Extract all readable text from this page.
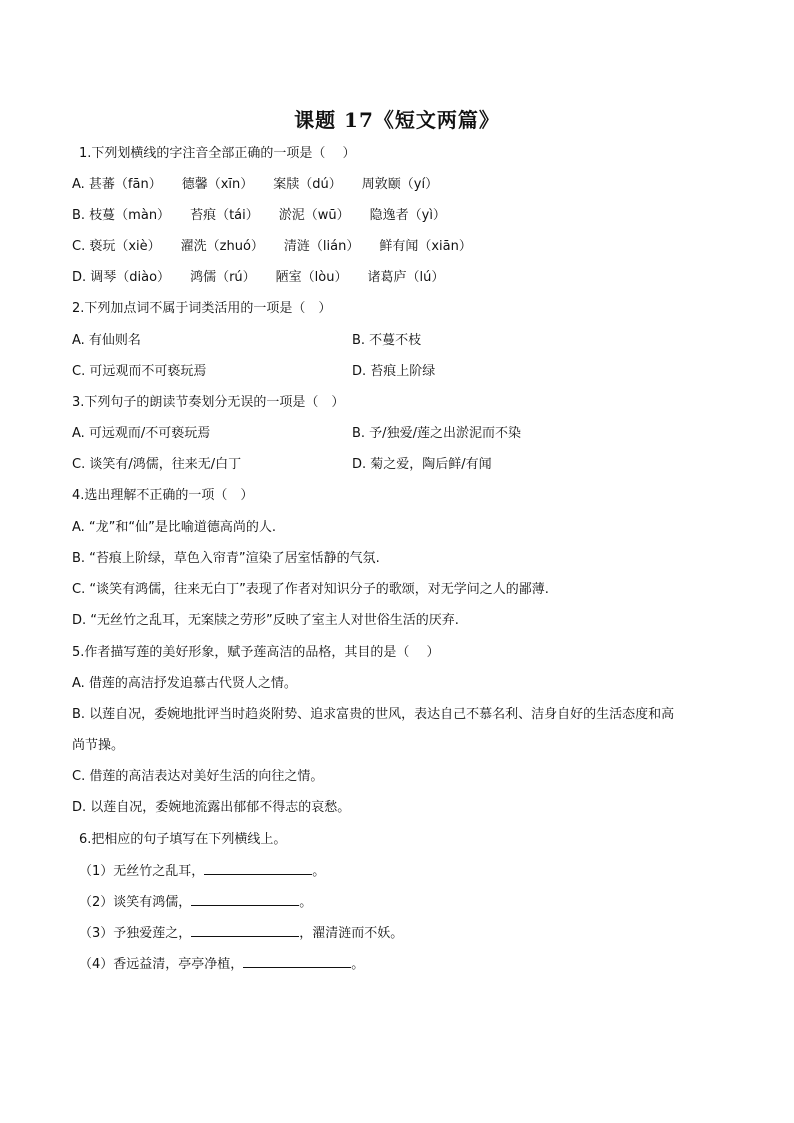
课题 17《短文两篇》
1.下列划横线的字注音全部正确的一项是（　 ）
A. 甚蕃（fān） 德馨（xīn） 案牍（dú） 周敦颐（yí）
B. 枝蔓（màn） 苔痕（tái） 淤泥（wū） 隐逸者（yì）
C. 亵玩（xiè） 濯洗（zhuó） 清涟（lián） 鲜有闻（xiān）
D. 调琴（diào） 鸿儒（rú） 陋室（lòu） 诸葛庐（lú）
2.下列加点词不属于词类活用的一项是（　）
A. 有仙则名	B. 不蔓不枝
C. 可远观而不可亵玩焉	D. 苔痕上阶绿
3.下列句子的朗读节奏划分无误的一项是（　）
A. 可远观而/不可亵玩焉	B. 予/独爱/莲之出淤泥而不染
C. 谈笑有/鸿儒，往来无/白丁	D. 菊之爱，陶后鲜/有闻
4.选出理解不正确的一项（　）
A. “龙”和“仙”是比喻道德高尚的人.
B. “苔痕上阶绿，草色入帘青”渲染了居室恬静的气氛.
C. “谈笑有鸿儒，往来无白丁”表现了作者对知识分子的歌颂，对无学问之人的鄙薄.
D. “无丝竹之乱耳，无案牍之劳形”反映了室主人对世俗生活的厌弃.
5.作者描写莲的美好形象，赋予莲高洁的品格，其目的是（　 ）
A. 借莲的高洁抒发追慕古代贤人之情。
B. 以莲自况，委婉地批评当时趋炎附势、追求富贵的世风，表达自己不慕名利、洁身自好的生活态度和高
尚节操。
C. 借莲的高洁表达对美好生活的向往之情。
D. 以莲自况，委婉地流露出郁郁不得志的哀愁。
6.把相应的句子填写在下列横线上。
（1）无丝竹之乱耳，	。
（2）谈笑有鸿儒，	。
（3）予独爱莲之，	，濯清涟而不妖。
（4）香远益清，亭亭净植，	。
